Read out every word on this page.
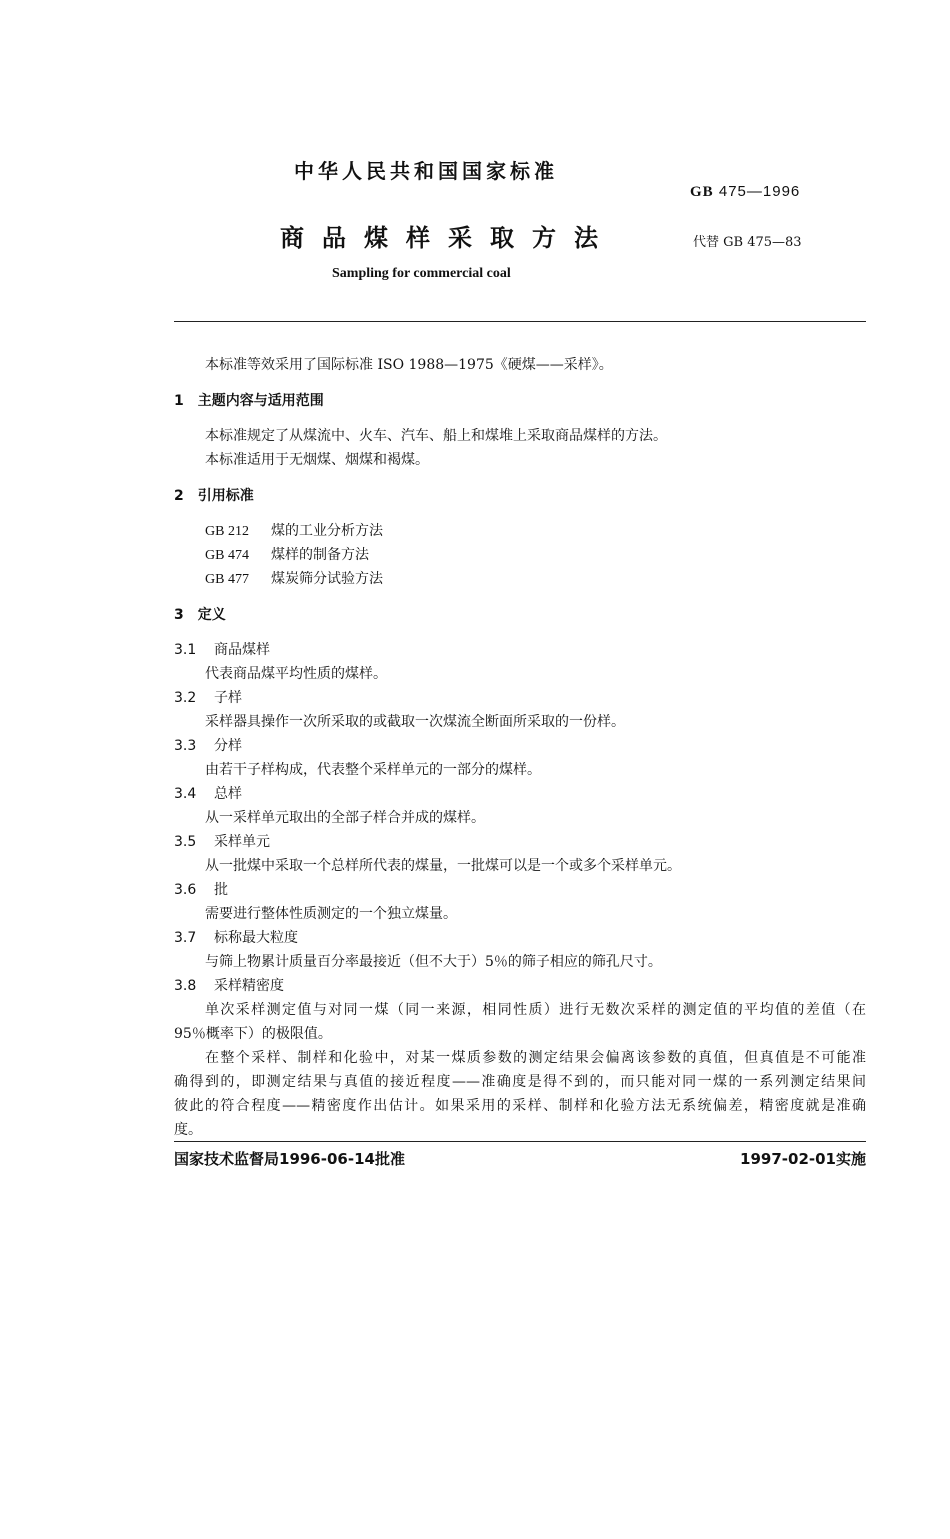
中华人民共和国国家标准
GB 475—1996
商品煤样采取方法	代替 GB 475—83
Sampling for commercial coal
本标准等效采用了国际标准 ISO 1988—1975《硬煤——采样》。
1　主题内容与适用范围
本标准规定了从煤流中、火车、汽车、船上和煤堆上采取商品煤样的方法。
本标准适用于无烟煤、烟煤和褐煤。
2　引用标准
GB 212 煤的工业分析方法
GB 474 煤样的制备方法
GB 477 煤炭筛分试验方法
3　定义
3.1 商品煤样
代表商品煤平均性质的煤样。
3.2 子样
采样器具操作一次所采取的或截取一次煤流全断面所采取的一份样。
3.3 分样
由若干子样构成，代表整个采样单元的一部分的煤样。
3.4 总样
从一采样单元取出的全部子样合并成的煤样。
3.5 采样单元
从一批煤中采取一个总样所代表的煤量，一批煤可以是一个或多个采样单元。
3.6 批
需要进行整体性质测定的一个独立煤量。
3.7 标称最大粒度
与筛上物累计质量百分率最接近（但不大于）5％的筛子相应的筛孔尺寸。
3.8 采样精密度
单次采样测定值与对同一煤（同一来源，相同性质）进行无数次采样的测定值的平均值的差值（在
95％概率下）的极限值。
在整个采样、制样和化验中，对某一煤质参数的测定结果会偏离该参数的真值，但真值是不可能准
确得到的，即测定结果与真值的接近程度——准确度是得不到的，而只能对同一煤的一系列测定结果间
彼此的符合程度——精密度作出估计。如果采用的采样、制样和化验方法无系统偏差，精密度就是准确
度。
国家技术监督局1996-06-14批准	1997-02-01实施
